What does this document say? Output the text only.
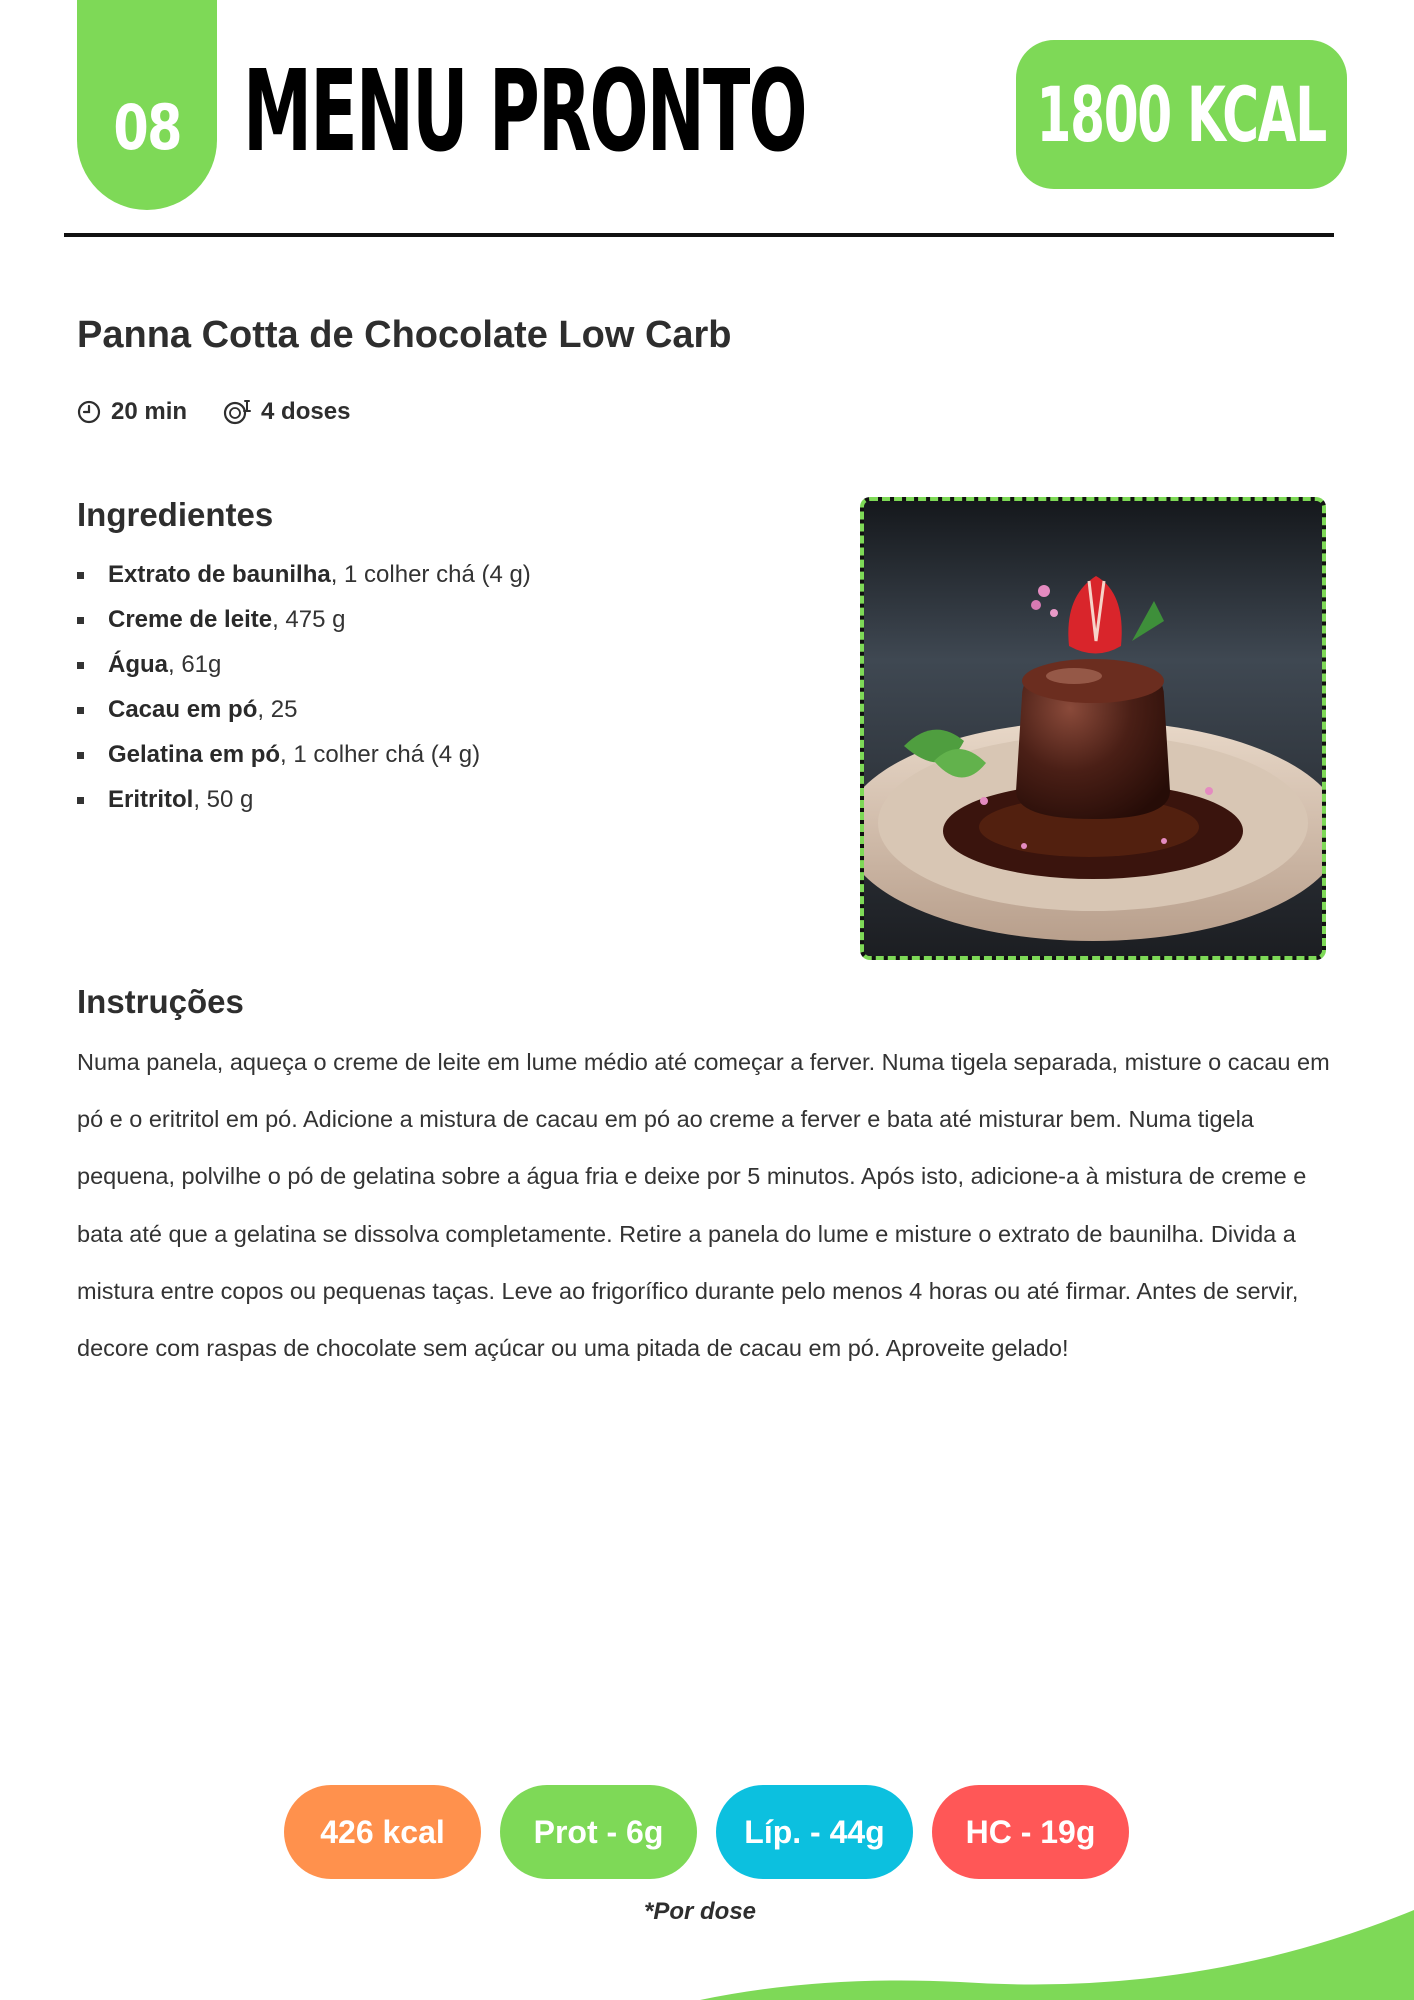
08 MENU PRONTO	1800 KCAL
Panna Cotta de Chocolate Low Carb
20 min	4 doses
Ingredientes
Extrato de baunilha, 1 colher chá (4 g)
Creme de leite, 475 g
Água, 61g
Cacau em pó, 25
Gelatina em pó, 1 colher chá (4 g)
Eritritol, 50 g
Instruções

Numa panela, aqueça o creme de leite em lume médio até começar a ferver. Numa tigela separada, misture o cacau em pó e o eritritol em pó. Adicione a mistura de cacau em pó ao creme a ferver e bata até misturar bem. Numa tigela pequena, polvilhe o pó de gelatina sobre a água fria e deixe por 5 minutos. Após isto, adicione-a à mistura de creme e bata até que a gelatina se dissolva completamente. Retire a panela do lume e misture o extrato de baunilha. Divida a mistura entre copos ou pequenas taças. Leve ao frigorífico durante pelo menos 4 horas ou até firmar. Antes de servir, decore com raspas de chocolate sem açúcar ou uma pitada de cacau em pó. Aproveite gelado!

426 kcal	Prot - 6g	Líp. - 44g	HC - 19g
*Por dose
